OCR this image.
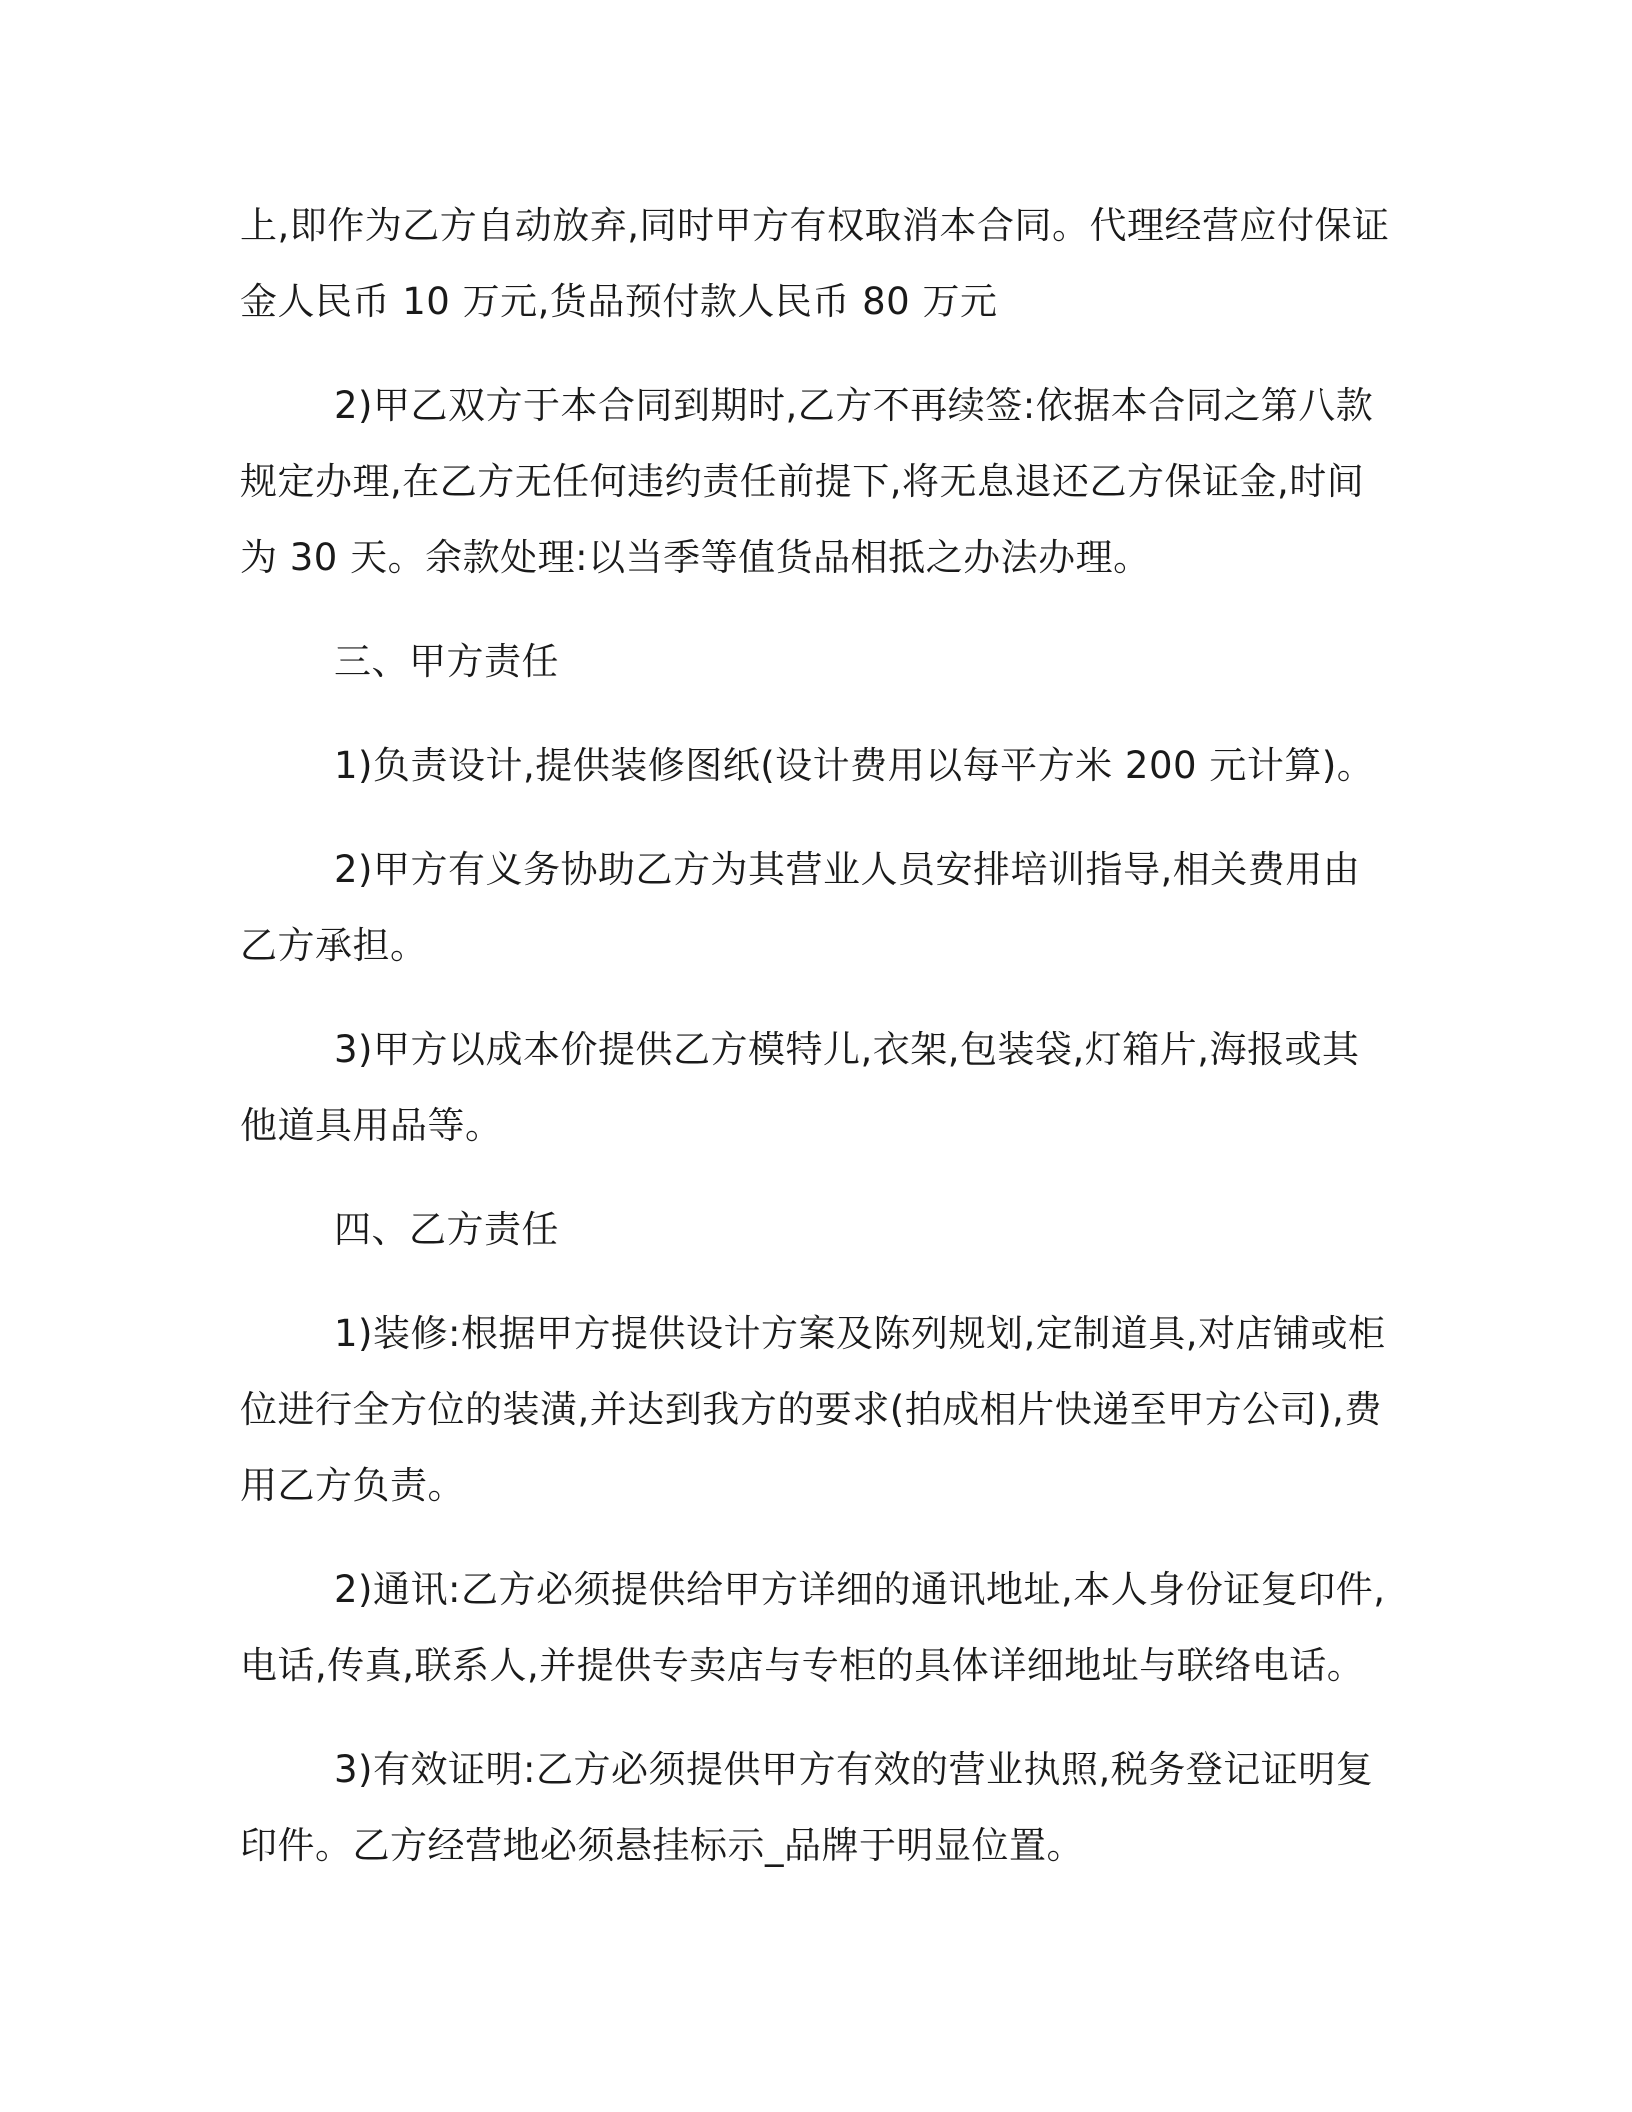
上,即作为乙方自动放弃,同时甲方有权取消本合同。代理经营应付保证金人民币 10 万元,货品预付款人民币 80 万元

2)甲乙双方于本合同到期时,乙方不再续签:依据本合同之第八款规定办理,在乙方无任何违约责任前提下,将无息退还乙方保证金,时间为 30 天。余款处理:以当季等值货品相抵之办法办理。

三、甲方责任

1)负责设计,提供装修图纸(设计费用以每平方米 200 元计算)。

2)甲方有义务协助乙方为其营业人员安排培训指导,相关费用由乙方承担。

3)甲方以成本价提供乙方模特儿,衣架,包装袋,灯箱片,海报或其他道具用品等。

四、乙方责任

1)装修:根据甲方提供设计方案及陈列规划,定制道具,对店铺或柜位进行全方位的装潢,并达到我方的要求(拍成相片快递至甲方公司),费用乙方负责。

2)通讯:乙方必须提供给甲方详细的通讯地址,本人身份证复印件,电话,传真,联系人,并提供专卖店与专柜的具体详细地址与联络电话。

3)有效证明:乙方必须提供甲方有效的营业执照,税务登记证明复印件。乙方经营地必须悬挂标示_品牌于明显位置。
